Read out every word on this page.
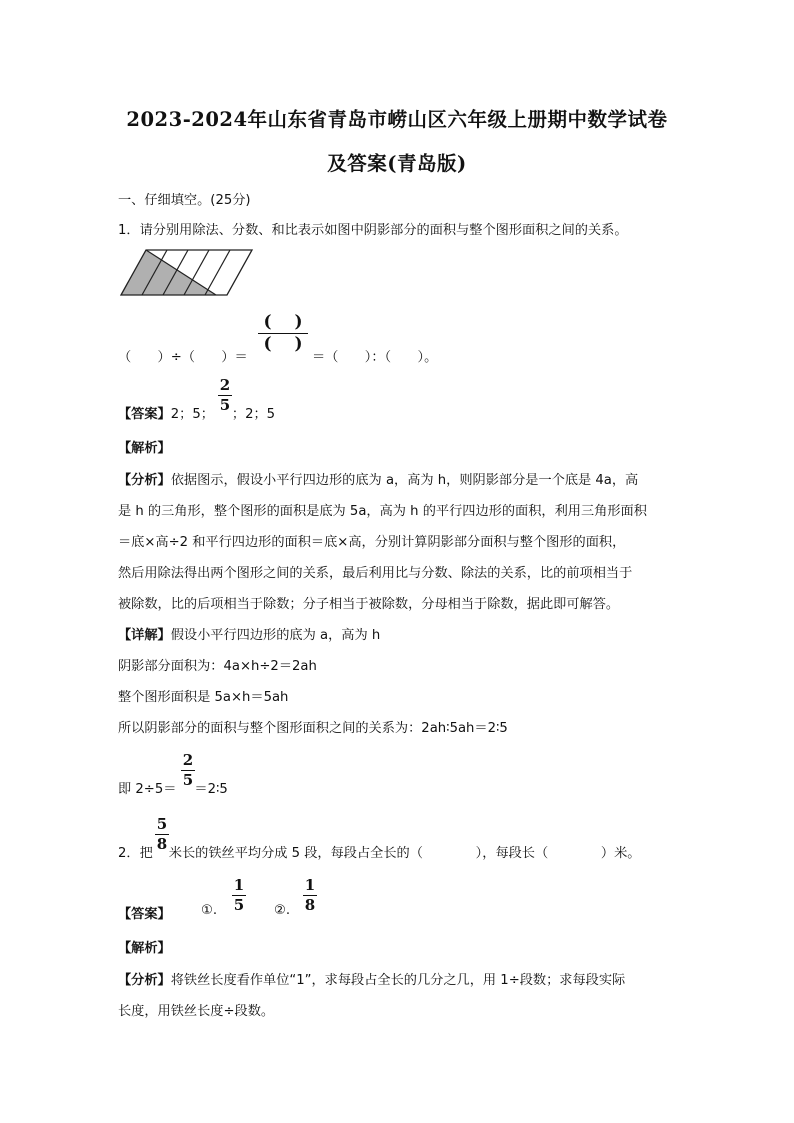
2023-2024年山东省青岛市崂山区六年级上册期中数学试卷
及答案(青岛版)
一、仔细填空。(25分)
1．请分别用除法、分数、和比表示如图中阴影部分的面积与整个图形面积之间的关系。
（　　）÷（　　）＝
(　 )
(　 )
＝（　　）：（　　）。
【答案】2；5； ；2；5
2
5
【解析】
【分析】依据图示，假设小平行四边形的底为 a，高为 h，则阴影部分是一个底是 4a，高
是 h 的三角形，整个图形的面积是底为 5a，高为 h 的平行四边形的面积，利用三角形面积
＝底×高÷2 和平行四边形的面积＝底×高，分别计算阴影部分面积与整个图形的面积，
然后用除法得出两个图形之间的关系，最后利用比与分数、除法的关系，比的前项相当于
被除数，比的后项相当于除数；分子相当于被除数，分母相当于除数，据此即可解答。
【详解】假设小平行四边形的底为 a，高为 h
阴影部分面积为：4a×h÷2＝2ah
整个图形面积是 5a×h＝5ah
所以阴影部分的面积与整个图形面积之间的关系为：2ah∶5ah＝2∶5
即 2÷5＝ ＝2∶5
2
5
2．把 米长的铁丝平均分成 5 段，每段占全长的（　　　　），每段长（　　　　）米。
5
8
【答案】 ①.
1
5 ②.
1
8
【解析】
【分析】将铁丝长度看作单位“1”，求每段占全长的几分之几，用 1÷段数；求每段实际
长度，用铁丝长度÷段数。
